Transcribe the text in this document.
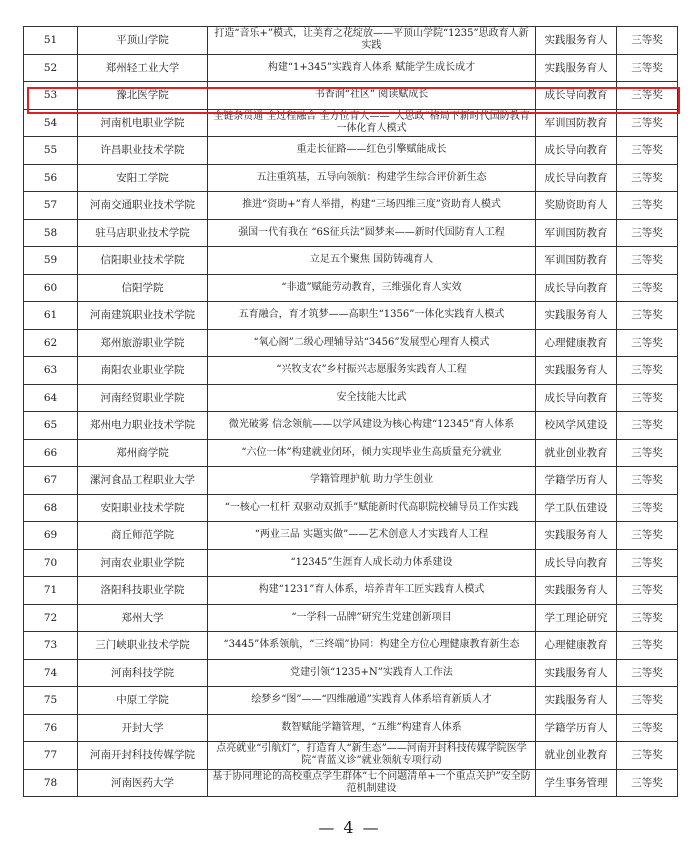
51	平顶山学院	打造“音乐+”模式，让美育之花绽放——平顶山学院“1235”思政育人新实践	实践服务育人	三等奖
52	郑州轻工业大学	构建“1+345”实践育人体系 赋能学生成长成才	实践服务育人	三等奖
53	豫北医学院	书香润“社区” 阅读赋成长	成长导向教育	三等奖
54	河南机电职业学院	全链条贯通 全过程融合 全方位育人——“大思政”格局下新时代国防教育一体化育人模式	军训国防教育	三等奖
55	许昌职业技术学院	重走长征路——红色引擎赋能成长	成长导向教育	三等奖
56	安阳工学院	五注重筑基，五导向领航：构建学生综合评价新生态	成长导向教育	三等奖
57	河南交通职业技术学院	推进“资助+”育人举措，构建“三场四维三度”资助育人模式	奖励资助育人	三等奖
58	驻马店职业技术学院	强国一代有我在 “6S征兵法”圆梦来——新时代国防育人工程	军训国防教育	三等奖
59	信阳职业技术学院	立足五个聚焦 国防铸魂育人	军训国防教育	三等奖
60	信阳学院	“非遗”赋能劳动教育，三维强化育人实效	成长导向教育	三等奖
61	河南建筑职业技术学院	五育融合，育才筑梦——高职生“1356”一体化实践育人模式	实践服务育人	三等奖
62	郑州旅游职业学院	“氧心阁”二级心理辅导站“3456”发展型心理育人模式	心理健康教育	三等奖
63	南阳农业职业学院	“兴牧支农”乡村振兴志愿服务实践育人工程	实践服务育人	三等奖
64	河南经贸职业学院	安全技能大比武	成长导向教育	三等奖
65	郑州电力职业技术学院	微光破雾 信念领航——以学风建设为核心构建“12345”育人体系	校风学风建设	三等奖
66	郑州商学院	“六位一体”构建就业闭环，倾力实现毕业生高质量充分就业	就业创业教育	三等奖
67	漯河食品工程职业大学	学籍管理护航 助力学生创业	学籍学历育人	三等奖
68	安阳职业技术学院	“一核心一杠杆 双驱动双抓手”赋能新时代高职院校辅导员工作实践	学工队伍建设	三等奖
69	商丘师范学院	“两业三品 实题实做”——艺术创意人才实践育人工程	实践服务育人	三等奖
70	河南农业职业学院	“12345”生涯育人成长动力体系建设	成长导向教育	三等奖
71	洛阳科技职业学院	构建“1231”育人体系，培养青年工匠实践育人模式	实践服务育人	三等奖
72	郑州大学	“一学科一品牌”研究生党建创新项目	学工理论研究	三等奖
73	三门峡职业技术学院	“3445”体系领航，“三终端”协同：构建全方位心理健康教育新生态	心理健康教育	三等奖
74	河南科技学院	党建引领“1235+N”实践育人工作法	实践服务育人	三等奖
75	中原工学院	绘梦乡“图”——“四维融通”实践育人体系培育新质人才	实践服务育人	三等奖
76	开封大学	数智赋能学籍管理，“五维”构建育人体系	学籍学历育人	三等奖
77	河南开封科技传媒学院	点亮就业“引航灯”，打造育人“新生态”——河南开封科技传媒学院医学院“青蓝义诊”就业领航专项行动	就业创业教育	三等奖
78	河南医药大学	基于协同理论的高校重点学生群体“七个问题清单+一个重点关护”安全防范机制建设	学生事务管理	三等奖
— 4 —
